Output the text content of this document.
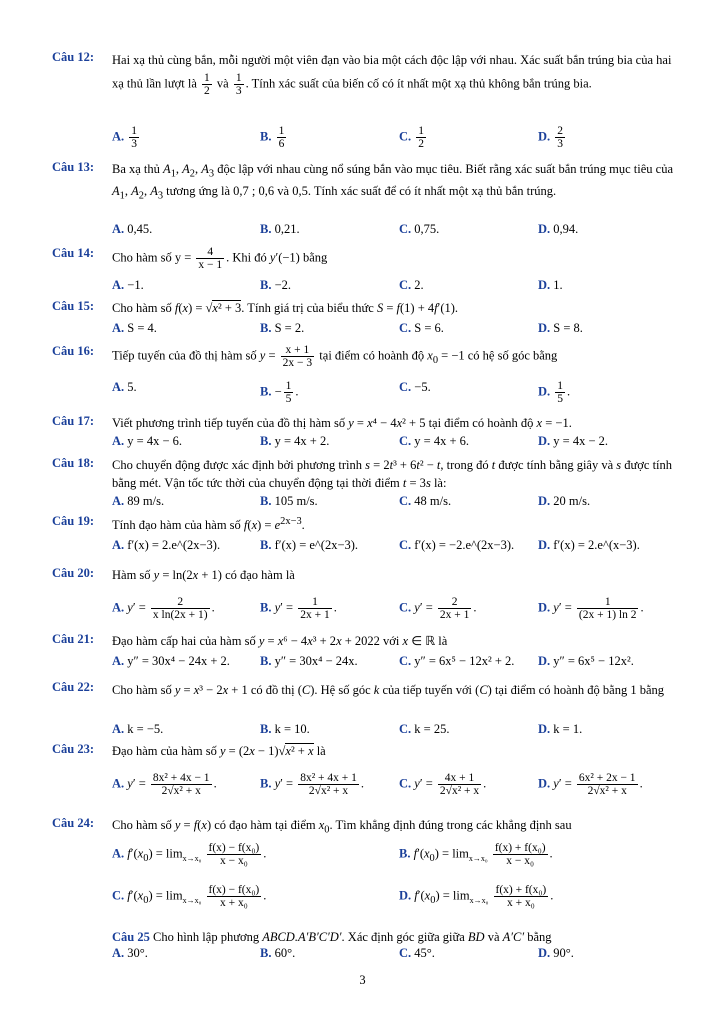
Câu 12: Hai xạ thủ cùng bắn, mỗi người một viên đạn vào bia một cách độc lập với nhau. Xác suất bắn trúng bia của hai xạ thủ lần lượt là $\frac{1}{2}$ và $\frac{1}{3}$ . Tính xác suất của biến cố có ít nhất một xạ thủ không bắn trúng bia.
A. $\frac{1}{3}$	B. $\frac{1}{6}$	C. $\frac{1}{2}$	D. $\frac{2}{3}$
Câu 13: Ba xạ thủ $A_1$, $A_2$, $A_3$ độc lập với nhau cùng nổ súng bắn vào mục tiêu. Biết rằng xác suất bắn trúng mục tiêu của $A_1$, $A_2$, $A_3$ tương ứng là 0,7 ; 0,6 và 0,5. Tính xác suất để có ít nhất một xạ thủ bắn trúng.
A. 0,45.	B. 0,21.	C. 0,75.	D. 0,94.
Câu 14: Cho hàm số $y = \frac{4}{x - 1}$ . Khi đó y′(−1) bằng
A. −1.	B. −2.	C. 2.	D. 1.
Câu 15: Cho hàm số f(x) = √x² + 3. Tính giá trị của biểu thức S = f(1) + 4f′(1).
A. S = 4.	B. S = 2.	C. S = 6.	D. S = 8.
Câu 16: Tiếp tuyến của đồ thị hàm số $y = \frac{x + 1}{2x - 3}$ tại điểm có hoành độ $x_0 = -1$ có hệ số góc bằng
A. 5.	B. − $\frac{1}{5}$ .	C. −5.	D. $\frac{1}{5}$ .
Câu 17: Viết phương trình tiếp tuyến của đồ thị hàm số y = x⁴ − 4x² + 5 tại điểm có hoành độ x = −1.
A. y = 4x − 6.	B. y = 4x + 2.	C. y = 4x + 6.	D. y = 4x − 2.
Câu 18: Cho chuyển động được xác định bởi phương trình s = 2t³ + 6t² − t, trong đó t được tính bằng giây và s được tính bằng mét. Vận tốc tức thời của chuyển động tại thời điểm t = 3s là:
A. 89 m/s.	B. 105 m/s.	C. 48 m/s.	D. 20 m/s.
Câu 19: Tính đạo hàm của hàm số $f(x) = e^{2x-3}$.
A. f′(x) = 2.e^(2x−3).	B. f′(x) = e^(2x−3).	C. f′(x) = −2.e^(2x−3). D. f′(x) = 2.e^(x−3).
Câu 20: Hàm số y = ln(2x + 1) có đạo hàm là
A. $y' = \frac{2}{\text{x ln(2x + 1)}}$ .	B. $y' = \frac{1}{2x + 1}$ .	C. $y' = \frac{2}{2x + 1}$ .	D. $y' = \frac{1}{(2x + 1) \ln 2}$ .
Câu 21: Đạo hàm cấp hai của hàm số y = x⁶ − 4x³ + 2x + 2022 với x ∈ ℝ là
A. y″ = 30x⁴ − 24x + 2. B. y″ = 30x⁴ − 24x.	C. y″ = 6x⁵ − 12x² + 2. D. y″ = 6x⁵ − 12x².
Câu 22: Cho hàm số y = x³ − 2x + 1 có đồ thị (C). Hệ số góc k của tiếp tuyến với (C) tại điểm có hoành độ bằng 1 bằng
A. k = −5.	B. k = 10.	C. k = 25.	D. k = 1.
Câu 23: Đạo hàm của hàm số y = (2x − 1)√x² + x là
A. $y' = \frac{\text{8x² + 4x − 1}}{\text{2√x² + x}}$ .	B. $y' = \frac{\text{8x² + 4x + 1}}{\text{2√x² + x}}$ .	C. $y' = \frac{4x + 1}{\text{2√x² + x}}$ .	D. $y' = \frac{\text{6x² + 2x − 1}}{\text{2√x² + x}}$ .
Câu 24: Cho hàm số y = f(x) có đạo hàm tại điểm $x_0$. Tìm khẳng định đúng trong các khẳng định sau
A. $f'(x_0) = \lim_{x\to x_0} \frac{\text{f(x) − f(x₀)}}{\text{x − x₀}}$ .	B. $f'(x_0) = \lim_{x\to x_0} \frac{\text{f(x) + f(x₀)}}{\text{x − x₀}}$ .
C. $f'(x_0) = \lim_{x\to x_0} \frac{\text{f(x) − f(x₀)}}{\text{x + x₀}}$ .	D. $f'(x_0) = \lim_{x\to x_0} \frac{\text{f(x) + f(x₀)}}{\text{x + x₀}}$ .
Câu 25 Cho hình lập phương ABCD.A′B′C′D′. Xác định góc giữa giữa BD và A′C′ bằng
A. 30°.	B. 60°.	C. 45°.	D. 90°.
3
